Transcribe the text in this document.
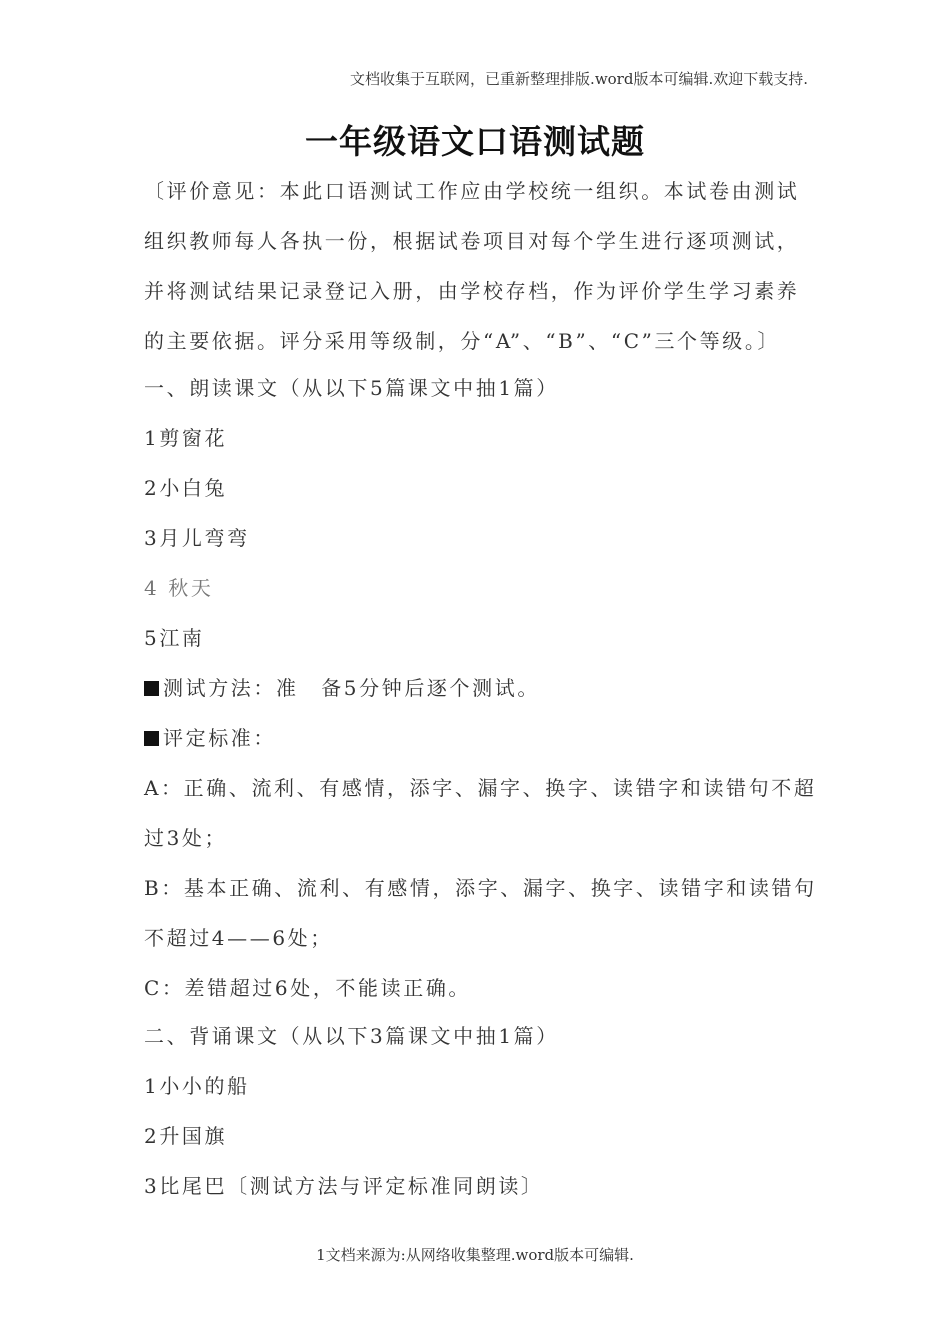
文档收集于互联网，已重新整理排版.word版本可编辑.欢迎下载支持.
一年级语文口语测试题

〔评价意见：本此口语测试工作应由学校统一组织。本试卷由测试组织教师每人各执一份，根据试卷项目对每个学生进行逐项测试，并将测试结果记录登记入册，由学校存档，作为评价学生学习素养的主要依据。评分采用等级制，分“A”、“B”、“C”三个等级。〕

一、朗读课文（从以下5篇课文中抽1篇）
1剪窗花
2小白兔
3月儿弯弯
4 秋天
5江南
测试方法：准　备5分钟后逐个测试。
评定标准：
A：正确、流利、有感情，添字、漏字、换字、读错字和读错句不超
过3处；
B：基本正确、流利、有感情，添字、漏字、换字、读错字和读错句
不超过4——6处；
C：差错超过6处，不能读正确。
二、背诵课文（从以下3篇课文中抽1篇）
1小小的船
2升国旗
3比尾巴〔测试方法与评定标准同朗读〕
1文档来源为:从网络收集整理.word版本可编辑.
